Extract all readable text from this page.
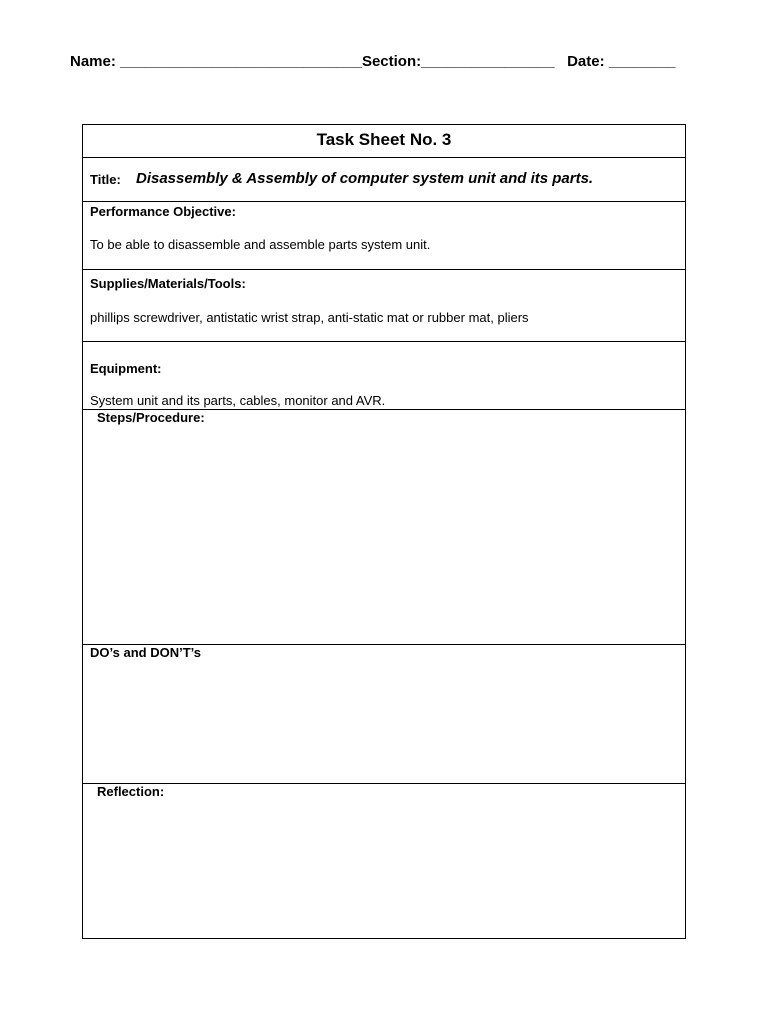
Name: _____________________________Section:________________   Date: ________
Task Sheet No. 3
Title: Disassembly & Assembly of computer system unit and its parts.
Performance Objective:
To be able to disassemble and assemble parts system unit.
Supplies/Materials/Tools:
phillips screwdriver, antistatic wrist strap, anti-static mat or rubber mat, pliers
Equipment:
System unit and its parts, cables, monitor and AVR.
Steps/Procedure:
DO’s and DON’T’s
Reflection:
